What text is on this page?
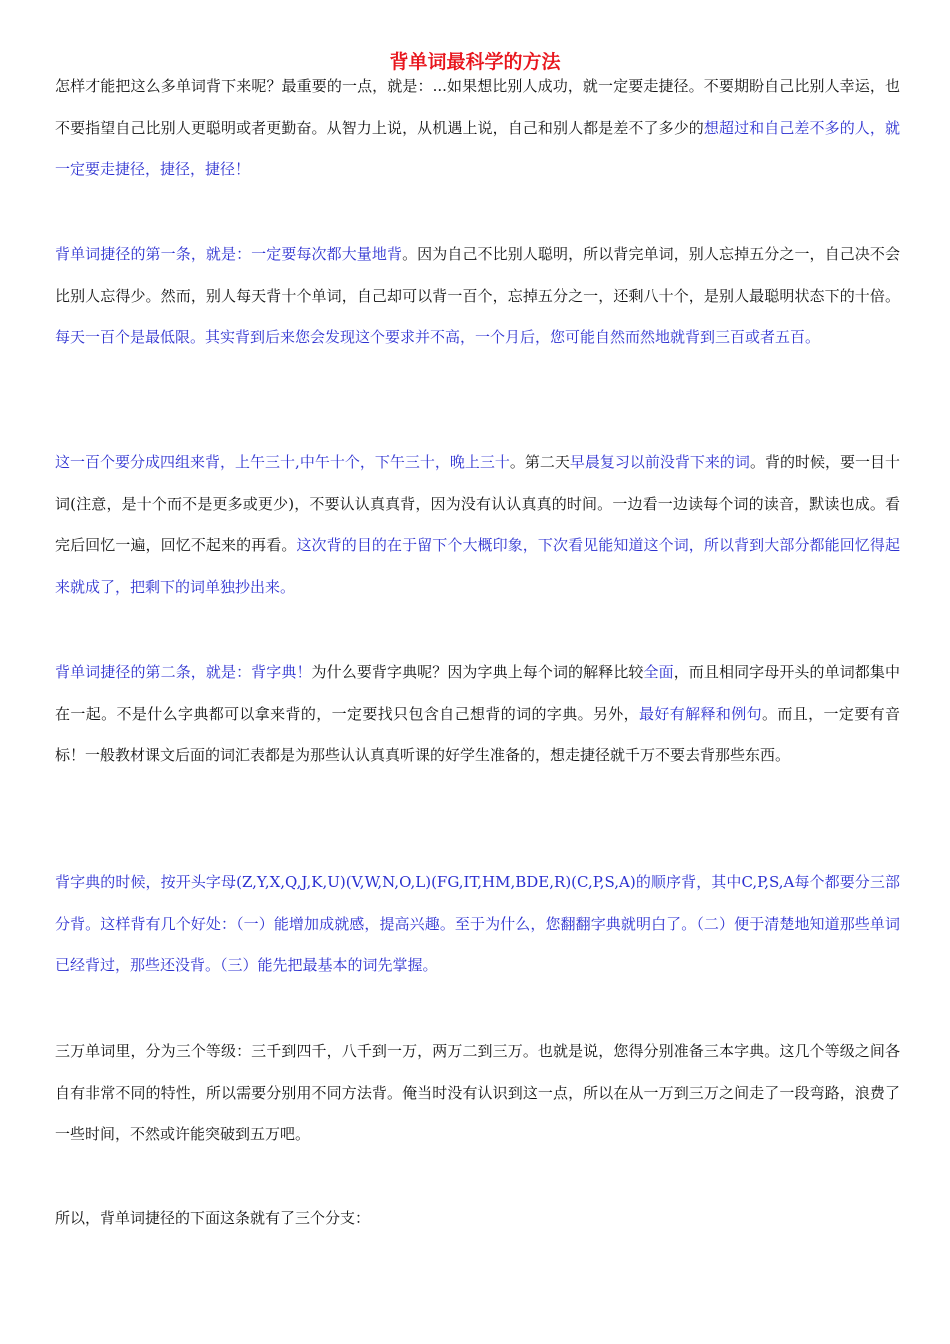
背单词最科学的方法
怎样才能把这么多单词背下来呢？最重要的一点，就是：...如果想比别人成功，就一定要走捷径。不要期盼自己比别人幸运，也不要指望自己比别人更聪明或者更勤奋。从智力上说，从机遇上说，自己和别人都是差不了多少的想超过和自己差不多的人，就一定要走捷径，捷径，捷径！
背单词捷径的第一条，就是：一定要每次都大量地背。因为自己不比别人聪明，所以背完单词，别人忘掉五分之一，自己决不会比别人忘得少。然而，别人每天背十个单词，自己却可以背一百个，忘掉五分之一，还剩八十个，是别人最聪明状态下的十倍。每天一百个是最低限。其实背到后来您会发现这个要求并不高，一个月后，您可能自然而然地就背到三百或者五百。
这一百个要分成四组来背，上午三十,中午十个，下午三十，晚上三十。第二天早晨复习以前没背下来的词。背的时候，要一目十词(注意，是十个而不是更多或更少)，不要认认真真背，因为没有认认真真的时间。一边看一边读每个词的读音，默读也成。看完后回忆一遍，回忆不起来的再看。这次背的目的在于留下个大概印象，下次看见能知道这个词，所以背到大部分都能回忆得起来就成了，把剩下的词单独抄出来。
背单词捷径的第二条，就是：背字典！为什么要背字典呢？因为字典上每个词的解释比较全面，而且相同字母开头的单词都集中在一起。不是什么字典都可以拿来背的，一定要找只包含自己想背的词的字典。另外，最好有解释和例句。而且，一定要有音标！一般教材课文后面的词汇表都是为那些认认真真听课的好学生准备的，想走捷径就千万不要去背那些东西。
背字典的时候，按开头字母(Z,Y,X,Q,J,K,U)(V,W,N,O,L)(FG,IT,HM,BDE,R)(C,P,S,A)的顺序背，其中C,P,S,A每个都要分三部分背。这样背有几个好处：（一）能增加成就感，提高兴趣。至于为什么，您翻翻字典就明白了。（二）便于清楚地知道那些单词已经背过，那些还没背。（三）能先把最基本的词先掌握。
三万单词里，分为三个等级：三千到四千，八千到一万，两万二到三万。也就是说，您得分别准备三本字典。这几个等级之间各自有非常不同的特性，所以需要分别用不同方法背。俺当时没有认识到这一点，所以在从一万到三万之间走了一段弯路，浪费了一些时间，不然或许能突破到五万吧。
所以，背单词捷径的下面这条就有了三个分支：
